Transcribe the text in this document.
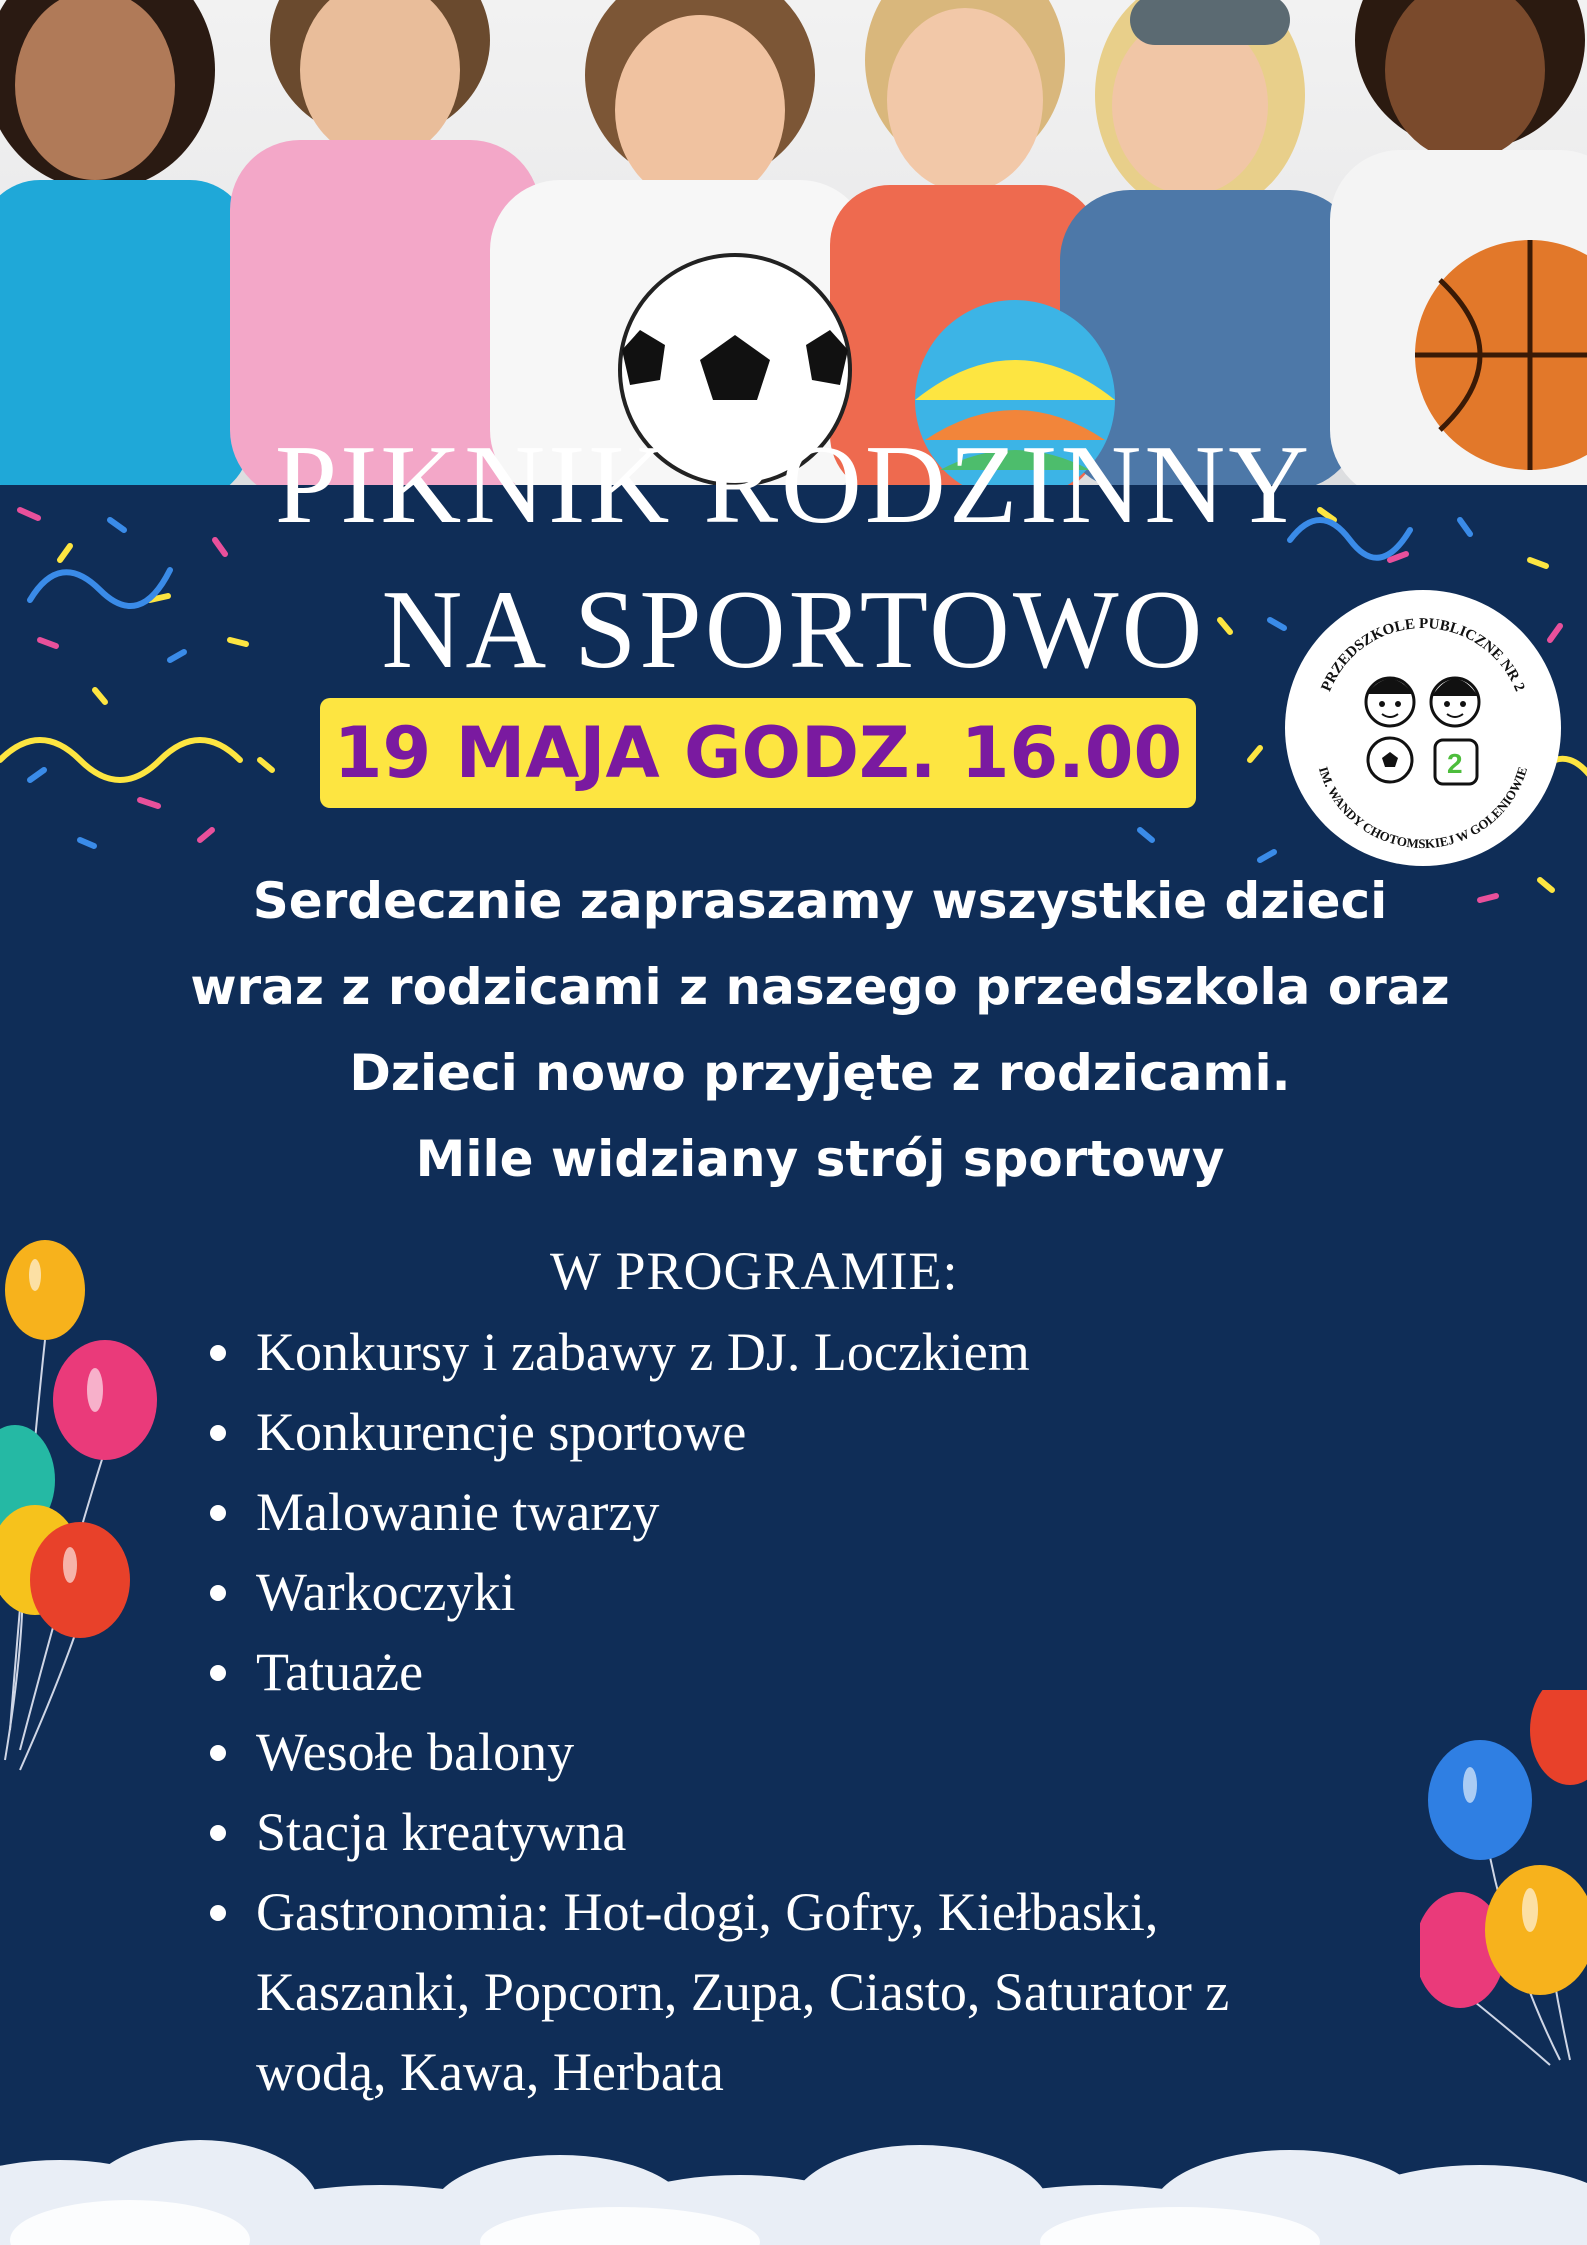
PIKNIK RODZINNY
NA SPORTOWO
19 MAJA GODZ. 16.00
PRZEDSZKOLE PUBLICZNE NR 2
IM. WANDY CHOTOMSKIEJ W GOLENIOWIE
2
Serdecznie zapraszamy wszystkie dzieci
wraz z rodzicami z naszego przedszkola oraz
Dzieci nowo przyjęte z rodzicami.
Mile widziany strój sportowy
W PROGRAMIE:
Konkursy i zabawy z DJ. Loczkiem
Konkurencje sportowe
Malowanie twarzy
Warkoczyki
Tatuaże
Wesołe balony
Stacja kreatywna
Gastronomia: Hot-dogi, Gofry, Kiełbaski,
Kaszanki, Popcorn, Zupa, Ciasto, Saturator z
wodą, Kawa, Herbata
